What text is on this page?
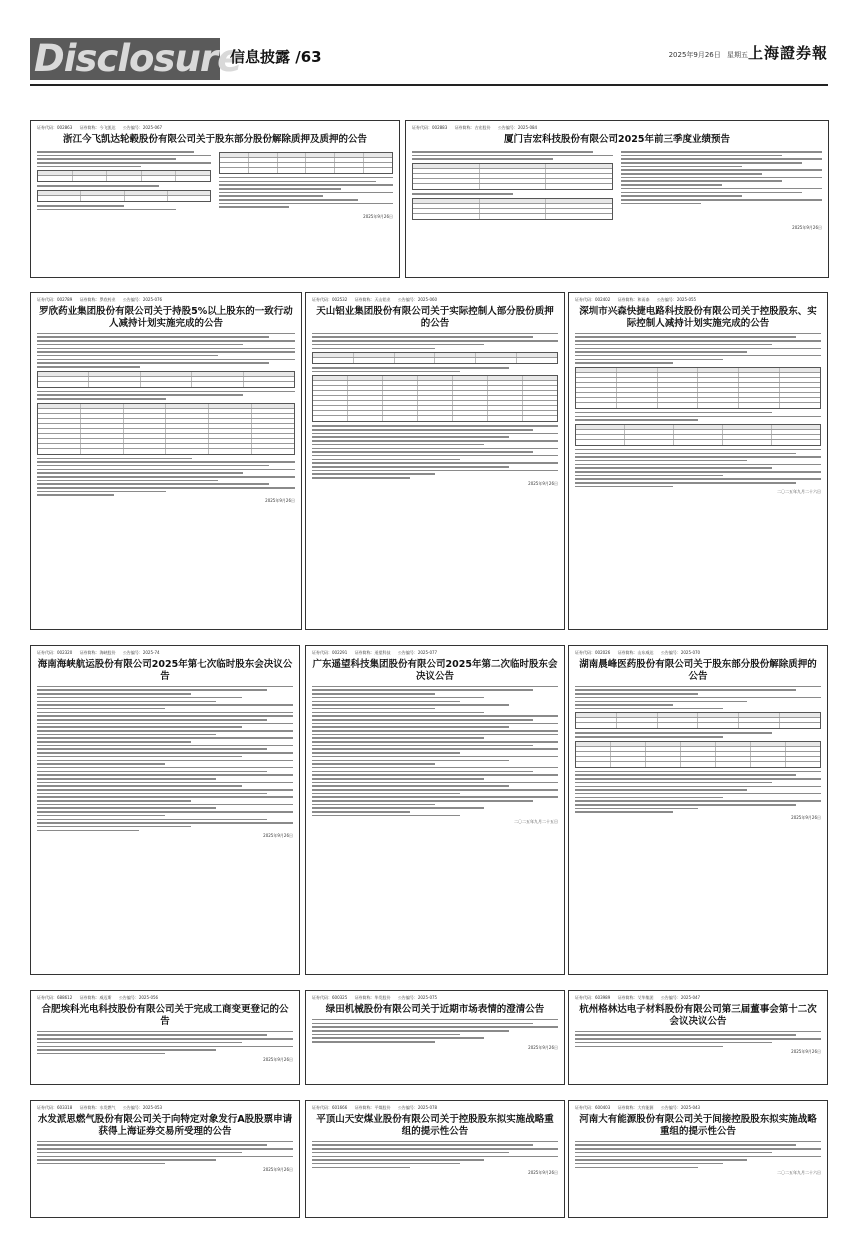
Disclosure
信息披露 /63	上海證券報
2025年9月26日 星期五
证券代码：002863 证券简称：今飞凯达 公告编号：2025-067
浙江今飞凯达轮毂股份有限公司关于股东部分股份解除质押及质押的公告
2025年9月26日
证券代码：002883 证券简称：吉宏股份 公告编号：2025-084
厦门吉宏科技股份有限公司2025年前三季度业绩预告
2025年9月26日
证券代码：002789 证券简称：罗欣药业 公告编号：2025-076
罗欣药业集团股份有限公司关于持股5%以上股东的一致行动人减持计划实施完成的公告
2025年9月26日
证券代码：002532 证券简称：天山铝业 公告编号：2025-060
天山铝业集团股份有限公司关于实际控制人部分股份质押的公告
2025年9月26日
证券代码：002402 证券简称：和而泰 公告编号：2025-055
深圳市兴森快捷电路科技股份有限公司关于控股股东、实际控制人减持计划实施完成的公告
二〇二五年九月二十六日
证券代码：002320 证券简称：海峡股份 公告编号：2025-74
海南海峡航运股份有限公司2025年第七次临时股东会决议公告
2025年9月26日
证券代码：002291 证券简称：遥望科技 公告编号：2025-077
广东遥望科技集团股份有限公司2025年第二次临时股东会决议公告
二〇二五年九月二十五日
证券代码：002026 证券简称：山东威达 公告编号：2025-070
湖南晨峰医药股份有限公司关于股东部分股份解除质押的公告
2025年9月26日
证券代码：688612 证券简称：威迈斯 公告编号：2025-056
合肥埃科光电科技股份有限公司关于完成工商变更登记的公告
2025年9月26日
证券代码：600325 证券简称：华发股份 公告编号：2025-075
绿田机械股份有限公司关于近期市场表情的澄清公告
2025年9月26日
证券代码：603989 证券简称：艾华集团 公告编号：2025-047
杭州格林达电子材料股份有限公司第三届董事会第十二次会议决议公告
2025年9月26日
证券代码：603318 证券简称：水发燃气 公告编号：2025-053
水发派思燃气股份有限公司关于向特定对象发行A股股票申请获得上海证券交易所受理的公告
2025年9月26日
证券代码：601666 证券简称：平煤股份 公告编号：2025-078
平顶山天安煤业股份有限公司关于控股股东拟实施战略重组的提示性公告
2025年9月26日
证券代码：600403 证券简称：大有能源 公告编号：2025-043
河南大有能源股份有限公司关于间接控股股东拟实施战略重组的提示性公告
二〇二五年九月二十六日
